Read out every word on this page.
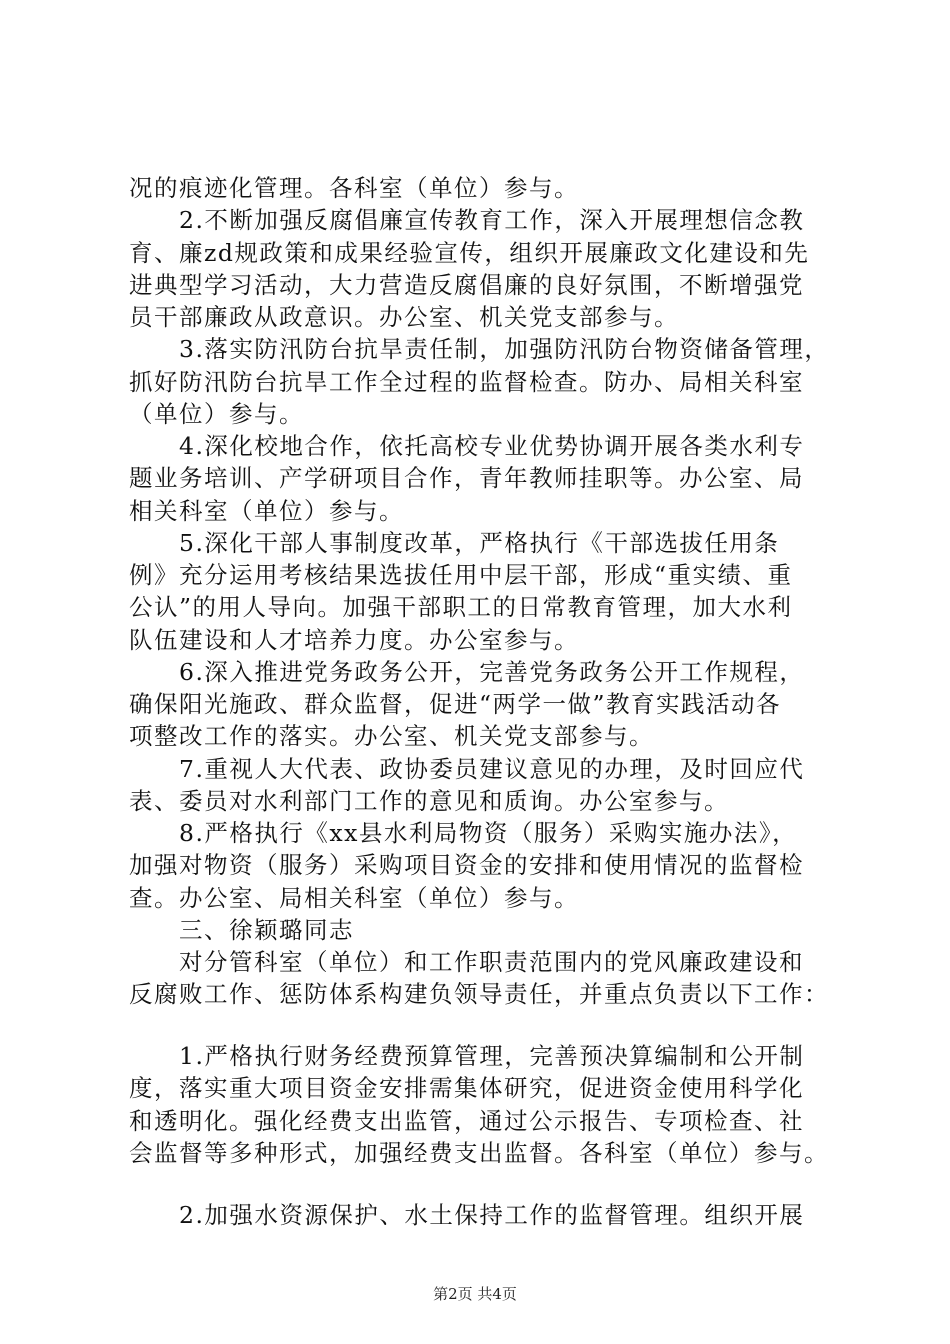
况的痕迹化管理。各科室（单位）参与。
　　2.不断加强反腐倡廉宣传教育工作，深入开展理想信念教
育、廉zd规政策和成果经验宣传，组织开展廉政文化建设和先
进典型学习活动，大力营造反腐倡廉的良好氛围，不断增强党
员干部廉政从政意识。办公室、机关党支部参与。
　　3.落实防汛防台抗旱责任制，加强防汛防台物资储备管理，
抓好防汛防台抗旱工作全过程的监督检查。防办、局相关科室
（单位）参与。
　　4.深化校地合作，依托高校专业优势协调开展各类水利专
题业务培训、产学研项目合作，青年教师挂职等。办公室、局
相关科室（单位）参与。
　　5.深化干部人事制度改革，严格执行《干部选拔任用条
例》充分运用考核结果选拔任用中层干部，形成“重实绩、重
公认”的用人导向。加强干部职工的日常教育管理，加大水利
队伍建设和人才培养力度。办公室参与。
　　6.深入推进党务政务公开，完善党务政务公开工作规程，
确保阳光施政、群众监督，促进“两学一做”教育实践活动各
项整改工作的落实。办公室、机关党支部参与。
　　7.重视人大代表、政协委员建议意见的办理，及时回应代
表、委员对水利部门工作的意见和质询。办公室参与。
　　8.严格执行《xx县水利局物资（服务）采购实施办法》，
加强对物资（服务）采购项目资金的安排和使用情况的监督检
查。办公室、局相关科室（单位）参与。
　　三、徐颖璐同志
　　对分管科室（单位）和工作职责范围内的党风廉政建设和
反腐败工作、惩防体系构建负领导责任，并重点负责以下工作：
　　1.严格执行财务经费预算管理，完善预决算编制和公开制
度，落实重大项目资金安排需集体研究，促进资金使用科学化
和透明化。强化经费支出监管，通过公示报告、专项检查、社
会监督等多种形式，加强经费支出监督。各科室（单位）参与。
　　2.加强水资源保护、水土保持工作的监督管理。组织开展
第2页 共4页
